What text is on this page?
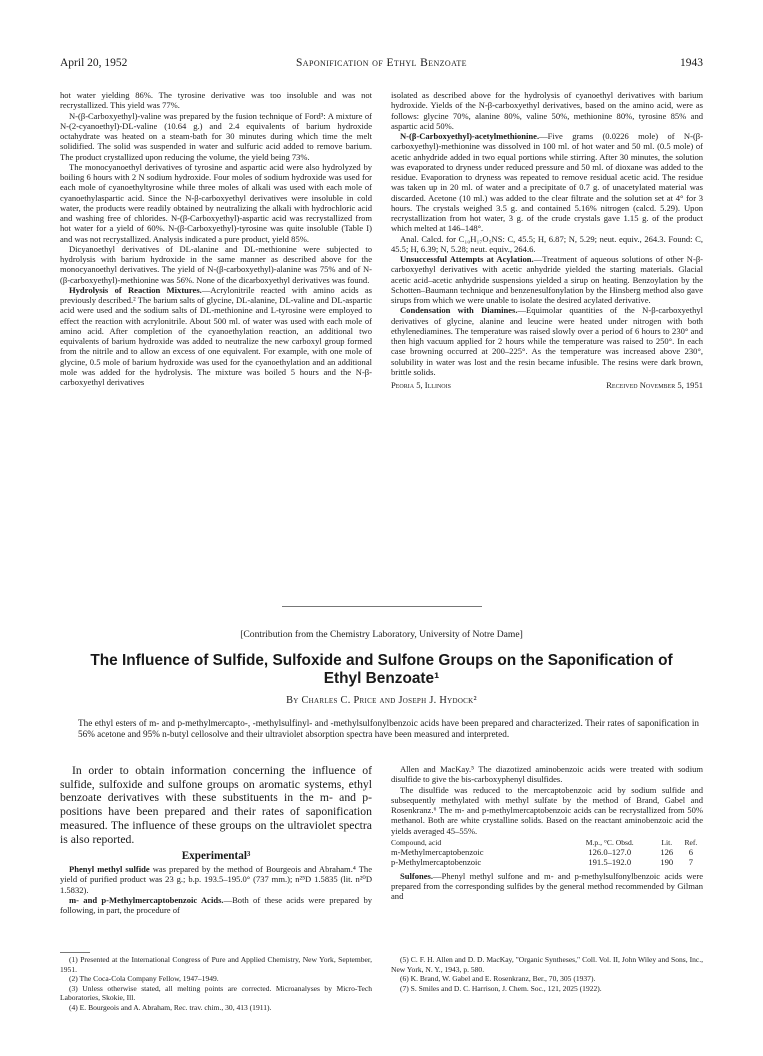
April 20, 1952	Saponification of Ethyl Benzoate	1943

hot water yielding 86%. The tyrosine derivative was too insoluble and was not recrystallized. This yield was 77%.

N-(β-Carboxyethyl)-valine was prepared by the fusion technique of Ford³: A mixture of N-(2-cyanoethyl)-DL-valine (10.64 g.) and 2.4 equivalents of barium hydroxide octahydrate was heated on a steam-bath for 30 minutes during which time the melt solidified. The solid was suspended in water and sulfuric acid added to remove barium. The product crystallized upon reducing the volume, the yield being 73%.

The monocyanoethyl derivatives of tyrosine and aspartic acid were also hydrolyzed by boiling 6 hours with 2 N sodium hydroxide. Four moles of sodium hydroxide was used for each mole of cyanoethyltyrosine while three moles of alkali was used with each mole of cyanoethylaspartic acid. Since the N-β-carboxyethyl derivatives were insoluble in cold water, the products were readily obtained by neutralizing the alkali with hydrochloric acid and washing free of chlorides. N-(β-Carboxyethyl)-aspartic acid was recrystallized from hot water for a yield of 60%. N-(β-Carboxyethyl)-tyrosine was quite insoluble (Table I) and was not recrystallized. Analysis indicated a pure product, yield 85%.

Dicyanoethyl derivatives of DL-alanine and DL-methionine were subjected to hydrolysis with barium hydroxide in the same manner as described above for the monocyanoethyl derivatives. The yield of N-(β-carboxyethyl)-alanine was 75% and of N-(β-carboxyethyl)-methionine was 56%. None of the dicarboxyethyl derivatives was found.

Hydrolysis of Reaction Mixtures.—Acrylonitrile reacted with amino acids as previously described.² The barium salts of glycine, DL-alanine, DL-valine and DL-aspartic acid were used and the sodium salts of DL-methionine and L-tyrosine were employed to effect the reaction with acrylonitrile. About 500 ml. of water was used with each mole of amino acid. After completion of the cyanoethylation reaction, an additional two equivalents of barium hydroxide was added to neutralize the new carboxyl group formed from the nitrile and to allow an excess of one equivalent. For example, with one mole of glycine, 0.5 mole of barium hydroxide was used for the cyanoethylation and an additional mole was added for the hydrolysis. The mixture was boiled 5 hours and the N-β-carboxyethyl derivatives

isolated as described above for the hydrolysis of cyanoethyl derivatives with barium hydroxide. Yields of the N-β-carboxyethyl derivatives, based on the amino acid, were as follows: glycine 70%, alanine 80%, valine 50%, methionine 80%, tyrosine 85% and aspartic acid 50%.

N-(β-Carboxyethyl)-acetylmethionine.—Five grams (0.0226 mole) of N-(β-carboxyethyl)-methionine was dissolved in 100 ml. of hot water and 50 ml. (0.5 mole) of acetic anhydride added in two equal portions while stirring. After 30 minutes, the solution was evaporated to dryness under reduced pressure and 50 ml. of dioxane was added to the residue. Evaporation to dryness was repeated to remove residual acetic acid. The residue was taken up in 20 ml. of water and a precipitate of 0.7 g. of unacetylated material was discarded. Acetone (10 ml.) was added to the clear filtrate and the solution set at 4° for 3 hours. The crystals weighed 3.5 g. and contained 5.16% nitrogen (calcd. 5.29). Upon recrystallization from hot water, 3 g. of the crude crystals gave 1.15 g. of the product which melted at 146–148°.

Anal. Calcd. for C₁₀H₁₇O₅NS: C, 45.5; H, 6.87; N, 5.29; neut. equiv., 264.3. Found: C, 45.5; H, 6.39; N, 5.28; neut. equiv., 264.6.

Unsuccessful Attempts at Acylation.—Treatment of aqueous solutions of other N-β-carboxyethyl derivatives with acetic anhydride yielded the starting materials. Glacial acetic acid–acetic anhydride suspensions yielded a sirup on heating. Benzoylation by the Schotten–Baumann technique and benzenesulfonylation by the Hinsberg method also gave sirups from which we were unable to isolate the desired acylated derivative.

Condensation with Diamines.—Equimolar quantities of the N-β-carboxyethyl derivatives of glycine, alanine and leucine were heated under nitrogen with both ethylenediamines. The temperature was raised slowly over a period of 6 hours to 230° and then high vacuum applied for 2 hours while the temperature was raised to 250°. In each case browning occurred at 200–225°. As the temperature was increased above 230°, solubility in water was lost and the resin became infusible. The resins were dark brown, brittle solids.

Peoria 5, Illinois	Received November 5, 1951
[Contribution from the Chemistry Laboratory, University of Notre Dame]
The Influence of Sulfide, Sulfoxide and Sulfone Groups on the Saponification of Ethyl Benzoate¹
By Charles C. Price and Joseph J. Hydock²
The ethyl esters of m- and p-methylmercapto-, -methylsulfinyl- and -methylsulfonylbenzoic acids have been prepared and characterized. Their rates of saponification in 56% acetone and 95% n-butyl cellosolve and their ultraviolet absorption spectra have been measured and interpreted.

In order to obtain information concerning the influence of sulfide, sulfoxide and sulfone groups on aromatic systems, ethyl benzoate derivatives with these substituents in the m- and p-positions have been prepared and their rates of saponification measured. The influence of these groups on the ultraviolet spectra is also reported.

Experimental³

Phenyl methyl sulfide was prepared by the method of Bourgeois and Abraham.⁴ The yield of purified product was 23 g.; b.p. 193.5–195.0° (737 mm.); n²⁵D 1.5835 (lit. n²⁰D 1.5832).

m- and p-Methylmercaptobenzoic Acids.—Both of these acids were prepared by following, in part, the procedure of

Allen and MacKay.⁵ The diazotized aminobenzoic acids were treated with sodium disulfide to give the bis-carboxyphenyl disulfides.

The disulfide was reduced to the mercaptobenzoic acid by sodium sulfide and subsequently methylated with methyl sulfate by the method of Brand, Gabel and Rosenkranz.⁶ The m- and p-methylmercaptobenzoic acids can be recrystallized from 50% methanol. Both are white crystalline solids. Based on the reactant aminobenzoic acid the yields averaged 45–55%.

Compound, acid	M.p., °C. Obsd.	Lit.	Ref.
m-Methylmercaptobenzoic	126.0–127.0	126	6
p-Methylmercaptobenzoic	191.5–192.0	190	7

Sulfones.—Phenyl methyl sulfone and m- and p-methylsulfonylbenzoic acids were prepared from the corresponding sulfides by the general method recommended by Gilman and

(1) Presented at the International Congress of Pure and Applied Chemistry, New York, September, 1951.

(2) The Coca-Cola Company Fellow, 1947–1949.

(3) Unless otherwise stated, all melting points are corrected. Microanalyses by Micro-Tech Laboratories, Skokie, Ill.

(4) E. Bourgeois and A. Abraham, Rec. trav. chim., 30, 413 (1911).

(5) C. F. H. Allen and D. D. MacKay, "Organic Syntheses," Coll. Vol. II, John Wiley and Sons, Inc., New York, N. Y., 1943, p. 580.

(6) K. Brand, W. Gabel and E. Rosenkranz, Ber., 70, 305 (1937).

(7) S. Smiles and D. C. Harrison, J. Chem. Soc., 121, 2025 (1922).
